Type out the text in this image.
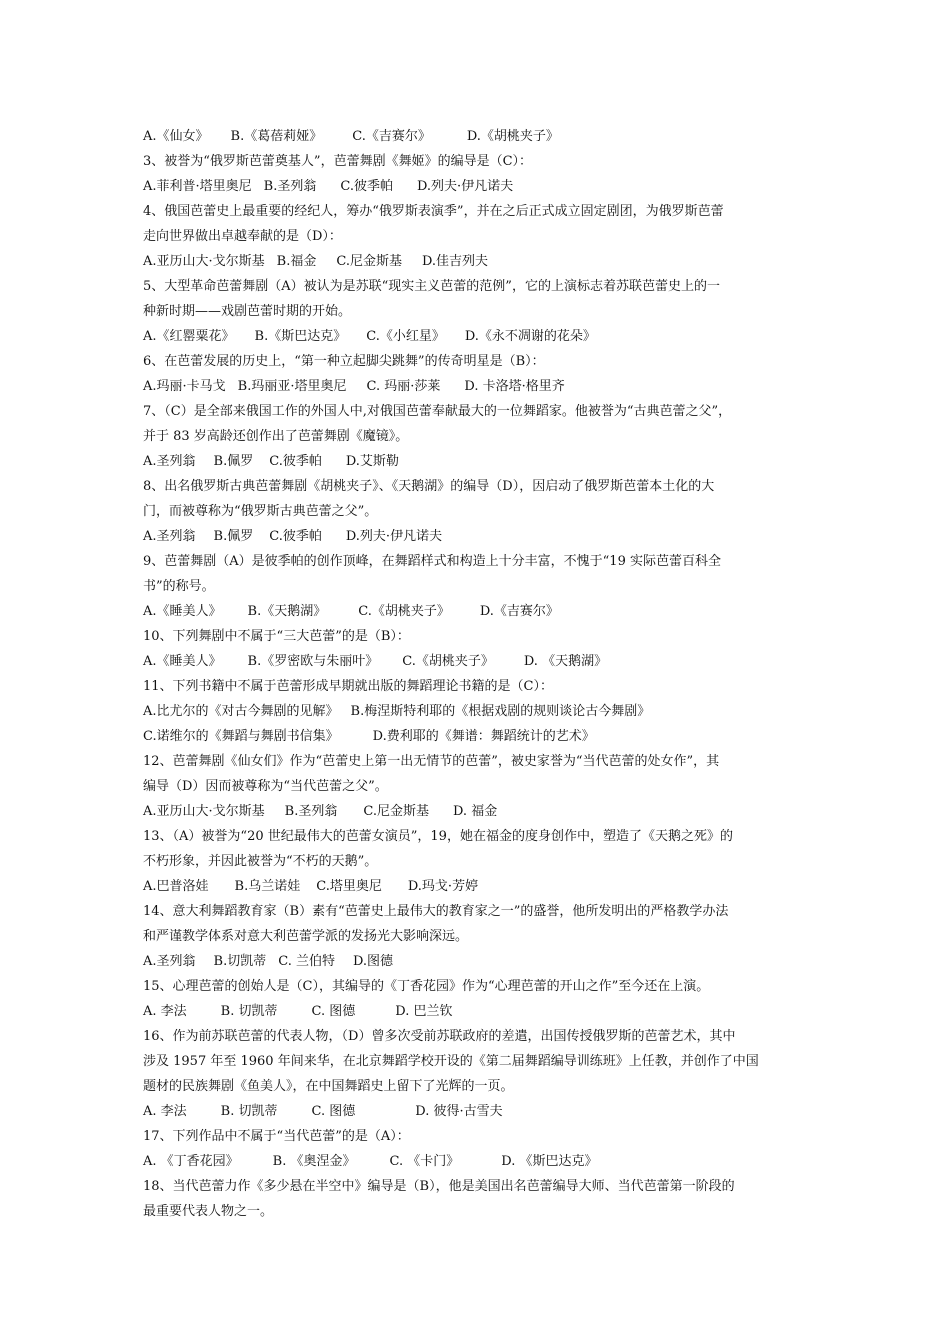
A.《仙女》 B.《葛蓓莉娅》 C.《吉赛尔》	D.《胡桃夹子》
3、被誉为“俄罗斯芭蕾奠基人”，芭蕾舞剧《舞姬》的编导是（C）：
A.菲利普·塔里奥尼 B.圣列翁 C.彼季帕 D.列夫·伊凡诺夫
4、俄国芭蕾史上最重要的经纪人，筹办“俄罗斯表演季”，并在之后正式成立固定剧团，为俄罗斯芭蕾
走向世界做出卓越奉献的是（D）：
A.亚历山大·戈尔斯基 B.福金 C.尼金斯基 D.佳吉列夫
5、大型革命芭蕾舞剧（A）被认为是苏联“现实主义芭蕾的范例”，它的上演标志着苏联芭蕾史上的一
种新时期——戏剧芭蕾时期的开始。
A.《红罂粟花》 B.《斯巴达克》 C.《小红星》 D.《永不凋谢的花朵》
6、在芭蕾发展的历史上，“第一种立起脚尖跳舞”的传奇明星是（B）：
A.玛丽·卡马戈 B.玛丽亚·塔里奥尼 C. 玛丽·莎莱 D. 卡洛塔·格里齐
7、（C）是全部来俄国工作的外国人中,对俄国芭蕾奉献最大的一位舞蹈家。他被誉为“古典芭蕾之父”，
并于 83 岁高龄还创作出了芭蕾舞剧《魔镜》。
A.圣列翁 B.佩罗 C.彼季帕 D.艾斯勒
8、出名俄罗斯古典芭蕾舞剧《胡桃夹子》、《天鹅湖》的编导（D），因启动了俄罗斯芭蕾本土化的大
门，而被尊称为“俄罗斯古典芭蕾之父”。
A.圣列翁 B.佩罗 C.彼季帕 D.列夫·伊凡诺夫
9、芭蕾舞剧（A）是彼季帕的创作顶峰，在舞蹈样式和构造上十分丰富，不愧于“19 实际芭蕾百科全
书”的称号。
A.《睡美人》 B.《天鹅湖》 C.《胡桃夹子》 D.《吉赛尔》
10、下列舞剧中不属于“三大芭蕾”的是（B）：
A.《睡美人》 B.《罗密欧与朱丽叶》 C.《胡桃夹子》 D. 《天鹅湖》
11、下列书籍中不属于芭蕾形成早期就出版的舞蹈理论书籍的是（C）：
A.比尤尔的《对古今舞剧的见解》 B.梅涅斯特利耶的《根据戏剧的规则谈论古今舞剧》
C.诺维尔的《舞蹈与舞剧书信集》	D.费利耶的《舞谱：舞蹈统计的艺术》
12、芭蕾舞剧《仙女们》作为“芭蕾史上第一出无情节的芭蕾”，被史家誉为“当代芭蕾的处女作”，其
编导（D）因而被尊称为“当代芭蕾之父”。
A.亚历山大·戈尔斯基 B.圣列翁 C.尼金斯基 D. 福金
13、（A）被誉为“20 世纪最伟大的芭蕾女演员”，19，她在福金的度身创作中，塑造了《天鹅之死》的
不朽形象，并因此被誉为“不朽的天鹅”。
A.巴普洛娃 B.乌兰诺娃 C.塔里奥尼 D.玛戈·芳婷
14、意大利舞蹈教育家（B）素有“芭蕾史上最伟大的教育家之一”的盛誉，他所发明出的严格教学办法
和严谨教学体系对意大利芭蕾学派的发扬光大影响深远。
A.圣列翁 B.切凯蒂 C. 兰伯特 D.图德
15、心理芭蕾的创始人是（C），其编导的《丁香花园》作为“心理芭蕾的开山之作”至今还在上演。
A. 李法	B. 切凯蒂	C. 图德	D. 巴兰钦
16、作为前苏联芭蕾的代表人物，（D）曾多次受前苏联政府的差遣，出国传授俄罗斯的芭蕾艺术，其中
涉及 1957 年至 1960 年间来华，在北京舞蹈学校开设的《第二届舞蹈编导训练班》上任教，并创作了中国
题材的民族舞剧《鱼美人》，在中国舞蹈史上留下了光辉的一页。
A. 李法	B. 切凯蒂	C. 图德	D. 彼得·古雪夫
17、下列作品中不属于“当代芭蕾”的是（A）：
A. 《丁香花园》	B. 《奥涅金》	C. 《卡门》	D. 《斯巴达克》
18、当代芭蕾力作《多少悬在半空中》编导是（B），他是美国出名芭蕾编导大师、当代芭蕾第一阶段的
最重要代表人物之一。
